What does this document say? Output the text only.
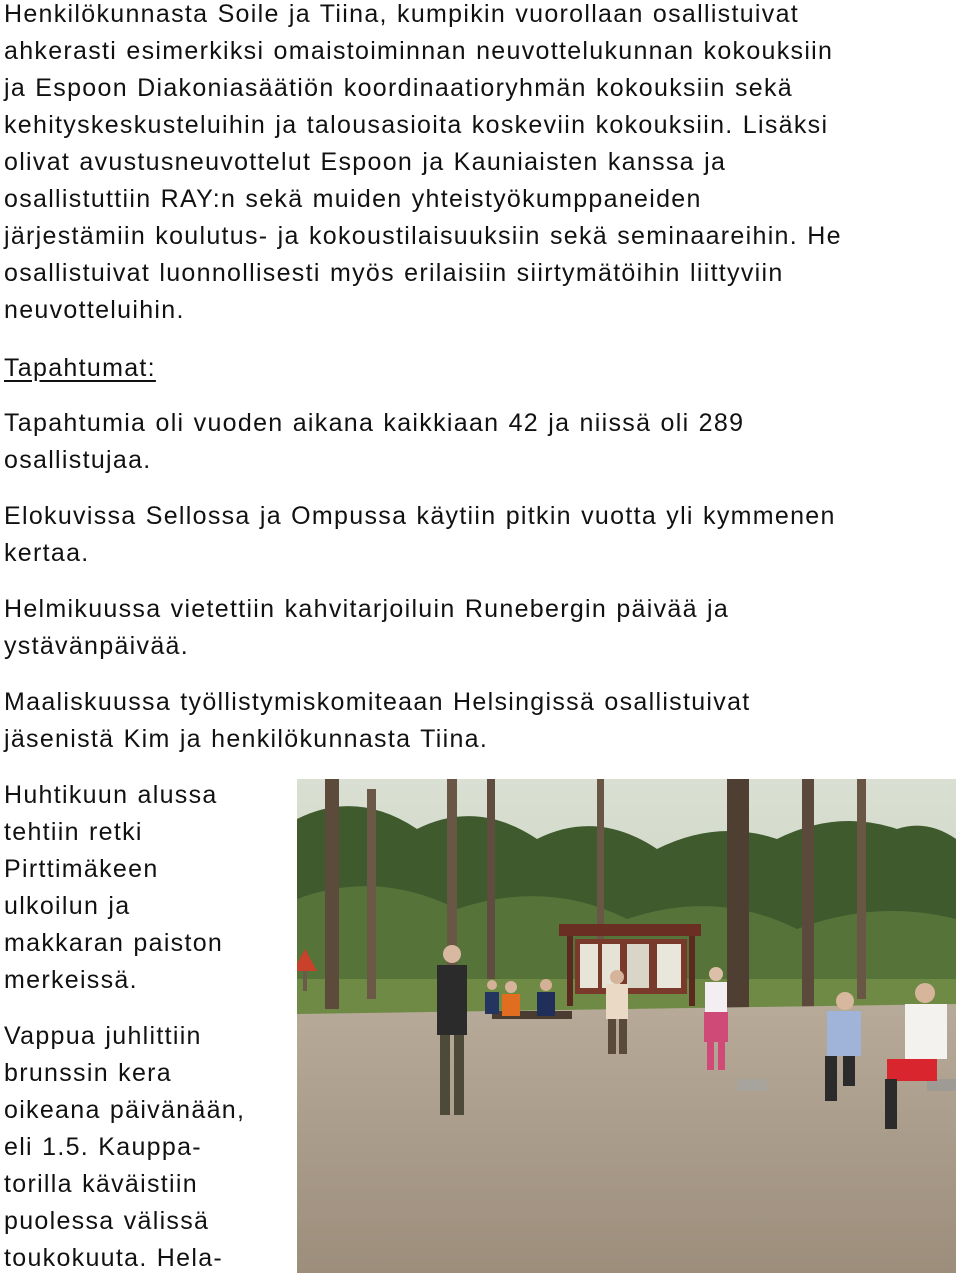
Henkilökunnasta Soile ja Tiina, kumpikin vuorollaan osallistuivat
ahkerasti esimerkiksi omaistoiminnan neuvottelukunnan kokouksiin
ja Espoon Diakoniasäätiön koordinaatioryhmän kokouksiin sekä
kehityskeskusteluihin ja talousasioita koskeviin kokouksiin. Lisäksi
olivat avustusneuvottelut Espoon ja Kauniaisten kanssa ja
osallistuttiin RAY:n sekä muiden yhteistyökumppaneiden
järjestämiin koulutus- ja kokoustilaisuuksiin sekä seminaareihin. He
osallistuivat luonnollisesti myös erilaisiin siirtymätöihin liittyviin
neuvotteluihin.
Tapahtumat:
Tapahtumia oli vuoden aikana kaikkiaan 42 ja niissä oli 289
osallistujaa.
Elokuvissa Sellossa ja Ompussa käytiin pitkin vuotta yli kymmenen
kertaa.
Helmikuussa vietettiin kahvitarjoiluin Runebergin päivää ja
ystävänpäivää.
Maaliskuussa työllistymiskomiteaan Helsingissä osallistuivat
jäsenistä Kim ja henkilökunnasta Tiina.
Huhtikuun alussa
tehtiin retki
Pirttimäkeen
ulkoilun ja
makkaran paiston
merkeissä.
Vappua juhlittiin
brunssin kera
oikeana päivänään,
eli 1.5. Kauppa-
torilla käväistiin
puolessa välissä
toukokuuta. Hela-
